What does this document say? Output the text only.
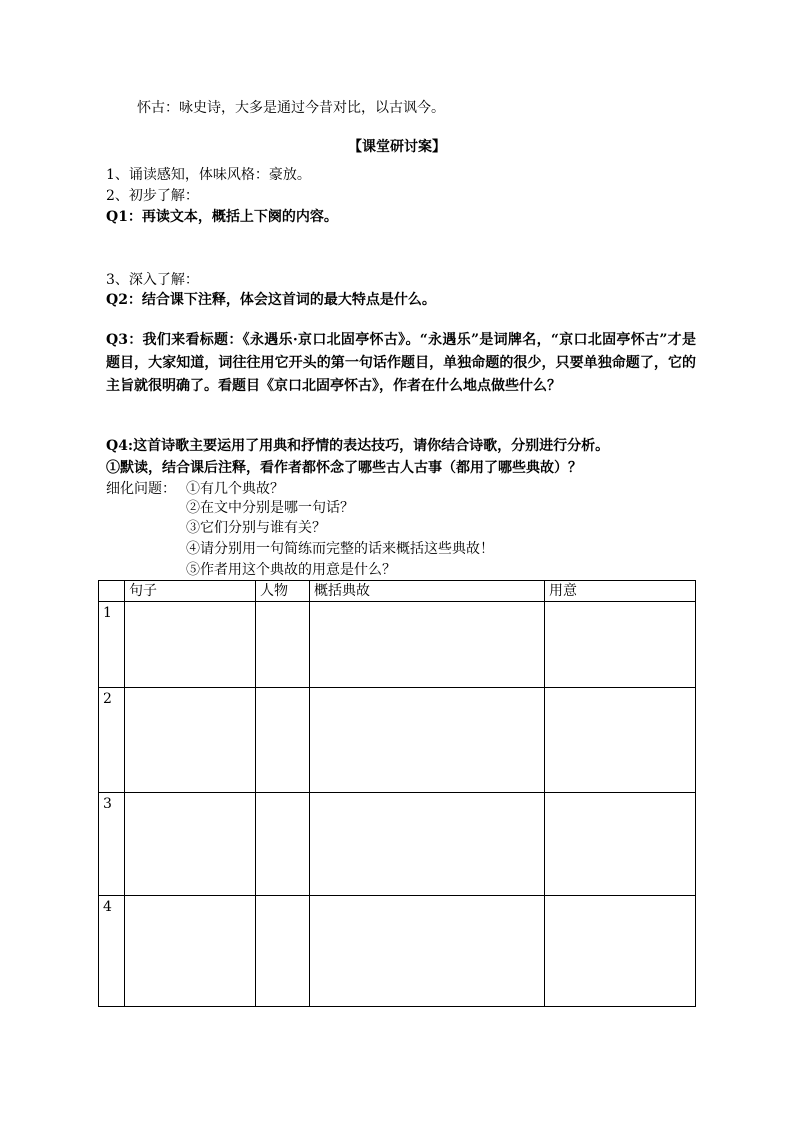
怀古：咏史诗，大多是通过今昔对比，以古讽今。
【课堂研讨案】
1、诵读感知，体味风格：豪放。
2、初步了解：
Q1：再读文本，概括上下阕的内容。
3、深入了解：
Q2：结合课下注释，体会这首词的最大特点是什么。
Q3：我们来看标题：《永遇乐·京口北固亭怀古》。“永遇乐”是词牌名，“京口北固亭怀古”才是题目，大家知道，词往往用它开头的第一句话作题目，单独命题的很少，只要单独命题了，它的主旨就很明确了。看题目《京口北固亭怀古》，作者在什么地点做些什么？
Q4:这首诗歌主要运用了用典和抒情的表达技巧，请你结合诗歌，分别进行分析。
①默读，结合课后注释，看作者都怀念了哪些古人古事（都用了哪些典故）？
细化问题： ①有几个典故？
②在文中分别是哪一句话？
③它们分别与谁有关？
④请分别用一句简练而完整的话来概括这些典故！
⑤作者用这个典故的用意是什么？
	句子	人物	概括典故	用意
1				
2				
3				
4				
